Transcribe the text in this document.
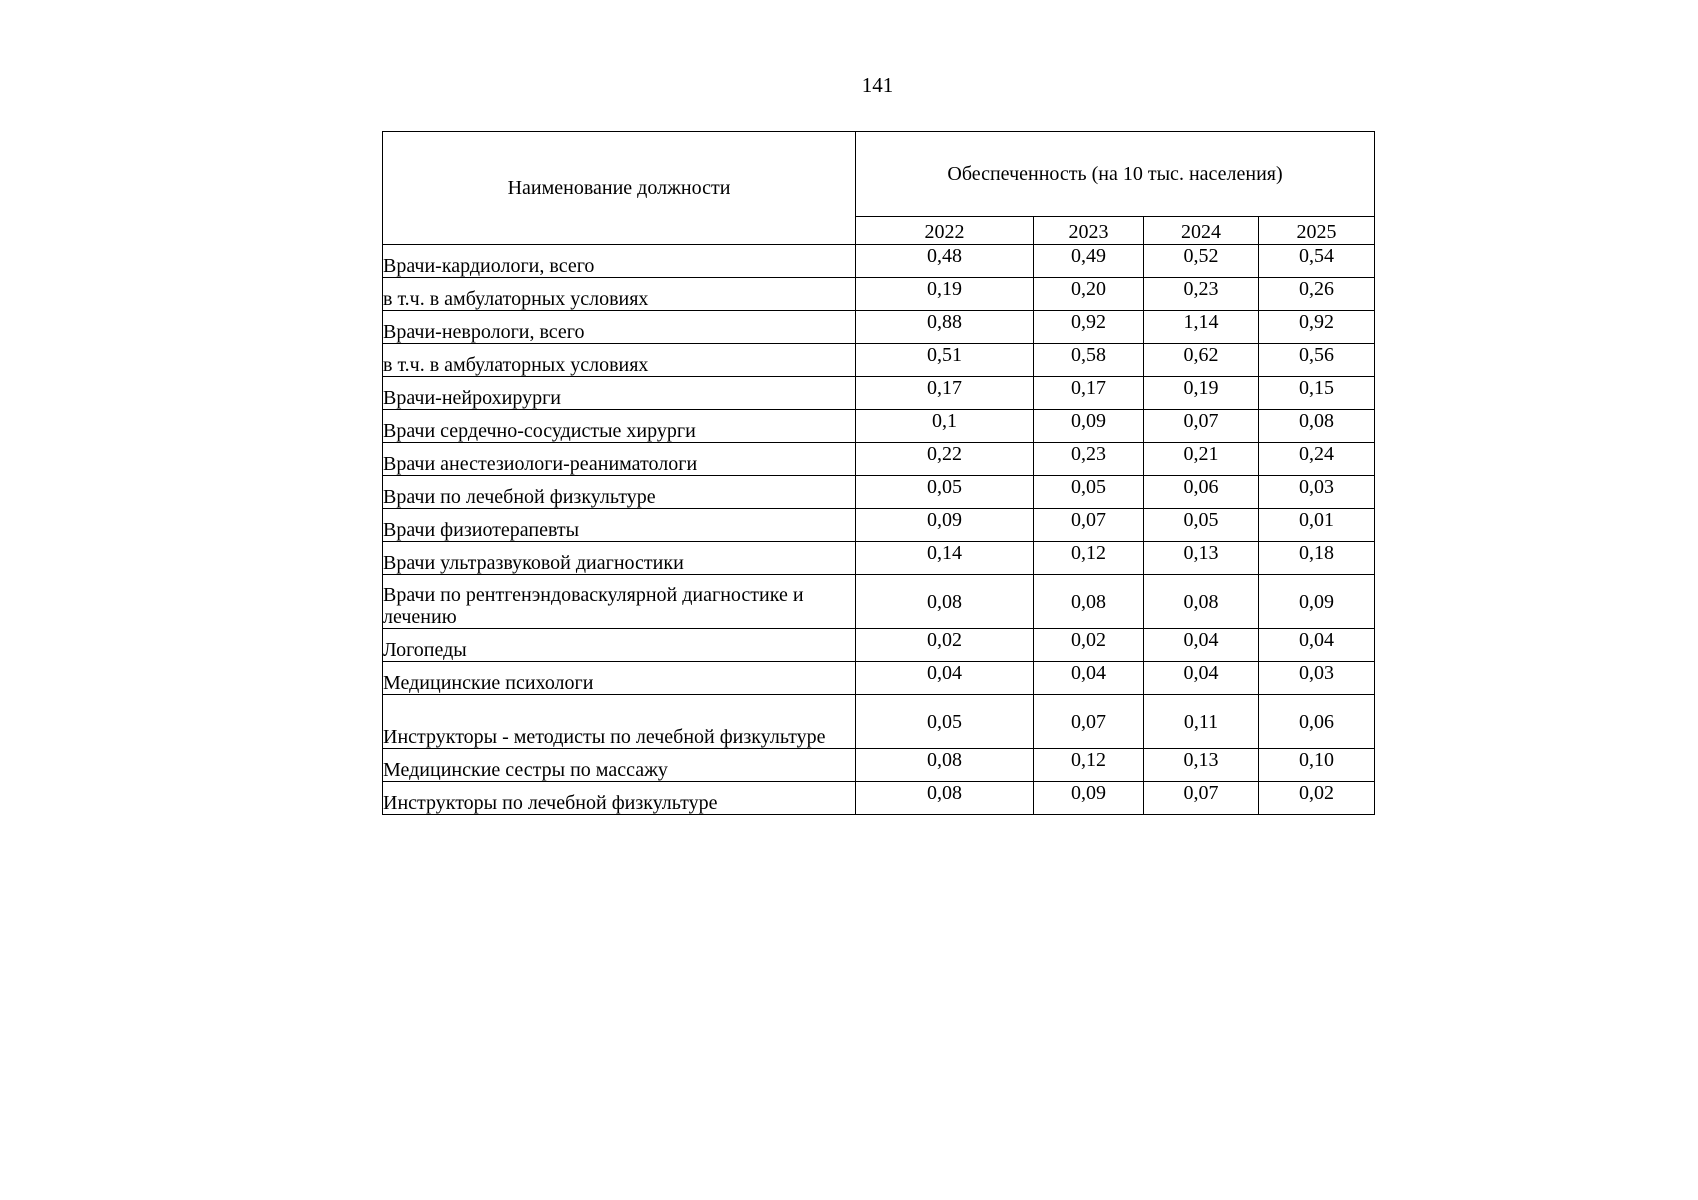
141
Наименование должности	Обеспеченность (на 10 тыс. населения)			
	2022	2023	2024	2025
Врачи-кардиологи, всего	0,48	0,49	0,52	0,54
в т.ч. в амбулаторных условиях	0,19	0,20	0,23	0,26
Врачи-неврологи, всего	0,88	0,92	1,14	0,92
в т.ч. в амбулаторных условиях	0,51	0,58	0,62	0,56
Врачи-нейрохирурги	0,17	0,17	0,19	0,15
Врачи сердечно-сосудистые хирурги	0,1	0,09	0,07	0,08
Врачи анестезиологи-реаниматологи	0,22	0,23	0,21	0,24
Врачи по лечебной физкультуре	0,05	0,05	0,06	0,03
Врачи физиотерапевты	0,09	0,07	0,05	0,01
Врачи ультразвуковой диагностики	0,14	0,12	0,13	0,18
Врачи по рентгенэндоваскулярной диагностике и лечению	0,08	0,08	0,08	0,09
Логопеды	0,02	0,02	0,04	0,04
Медицинские психологи	0,04	0,04	0,04	0,03
Инструкторы - методисты по лечебной физкультуре	0,05	0,07	0,11	0,06
Медицинские сестры по массажу	0,08	0,12	0,13	0,10
Инструкторы по лечебной физкультуре	0,08	0,09	0,07	0,02
